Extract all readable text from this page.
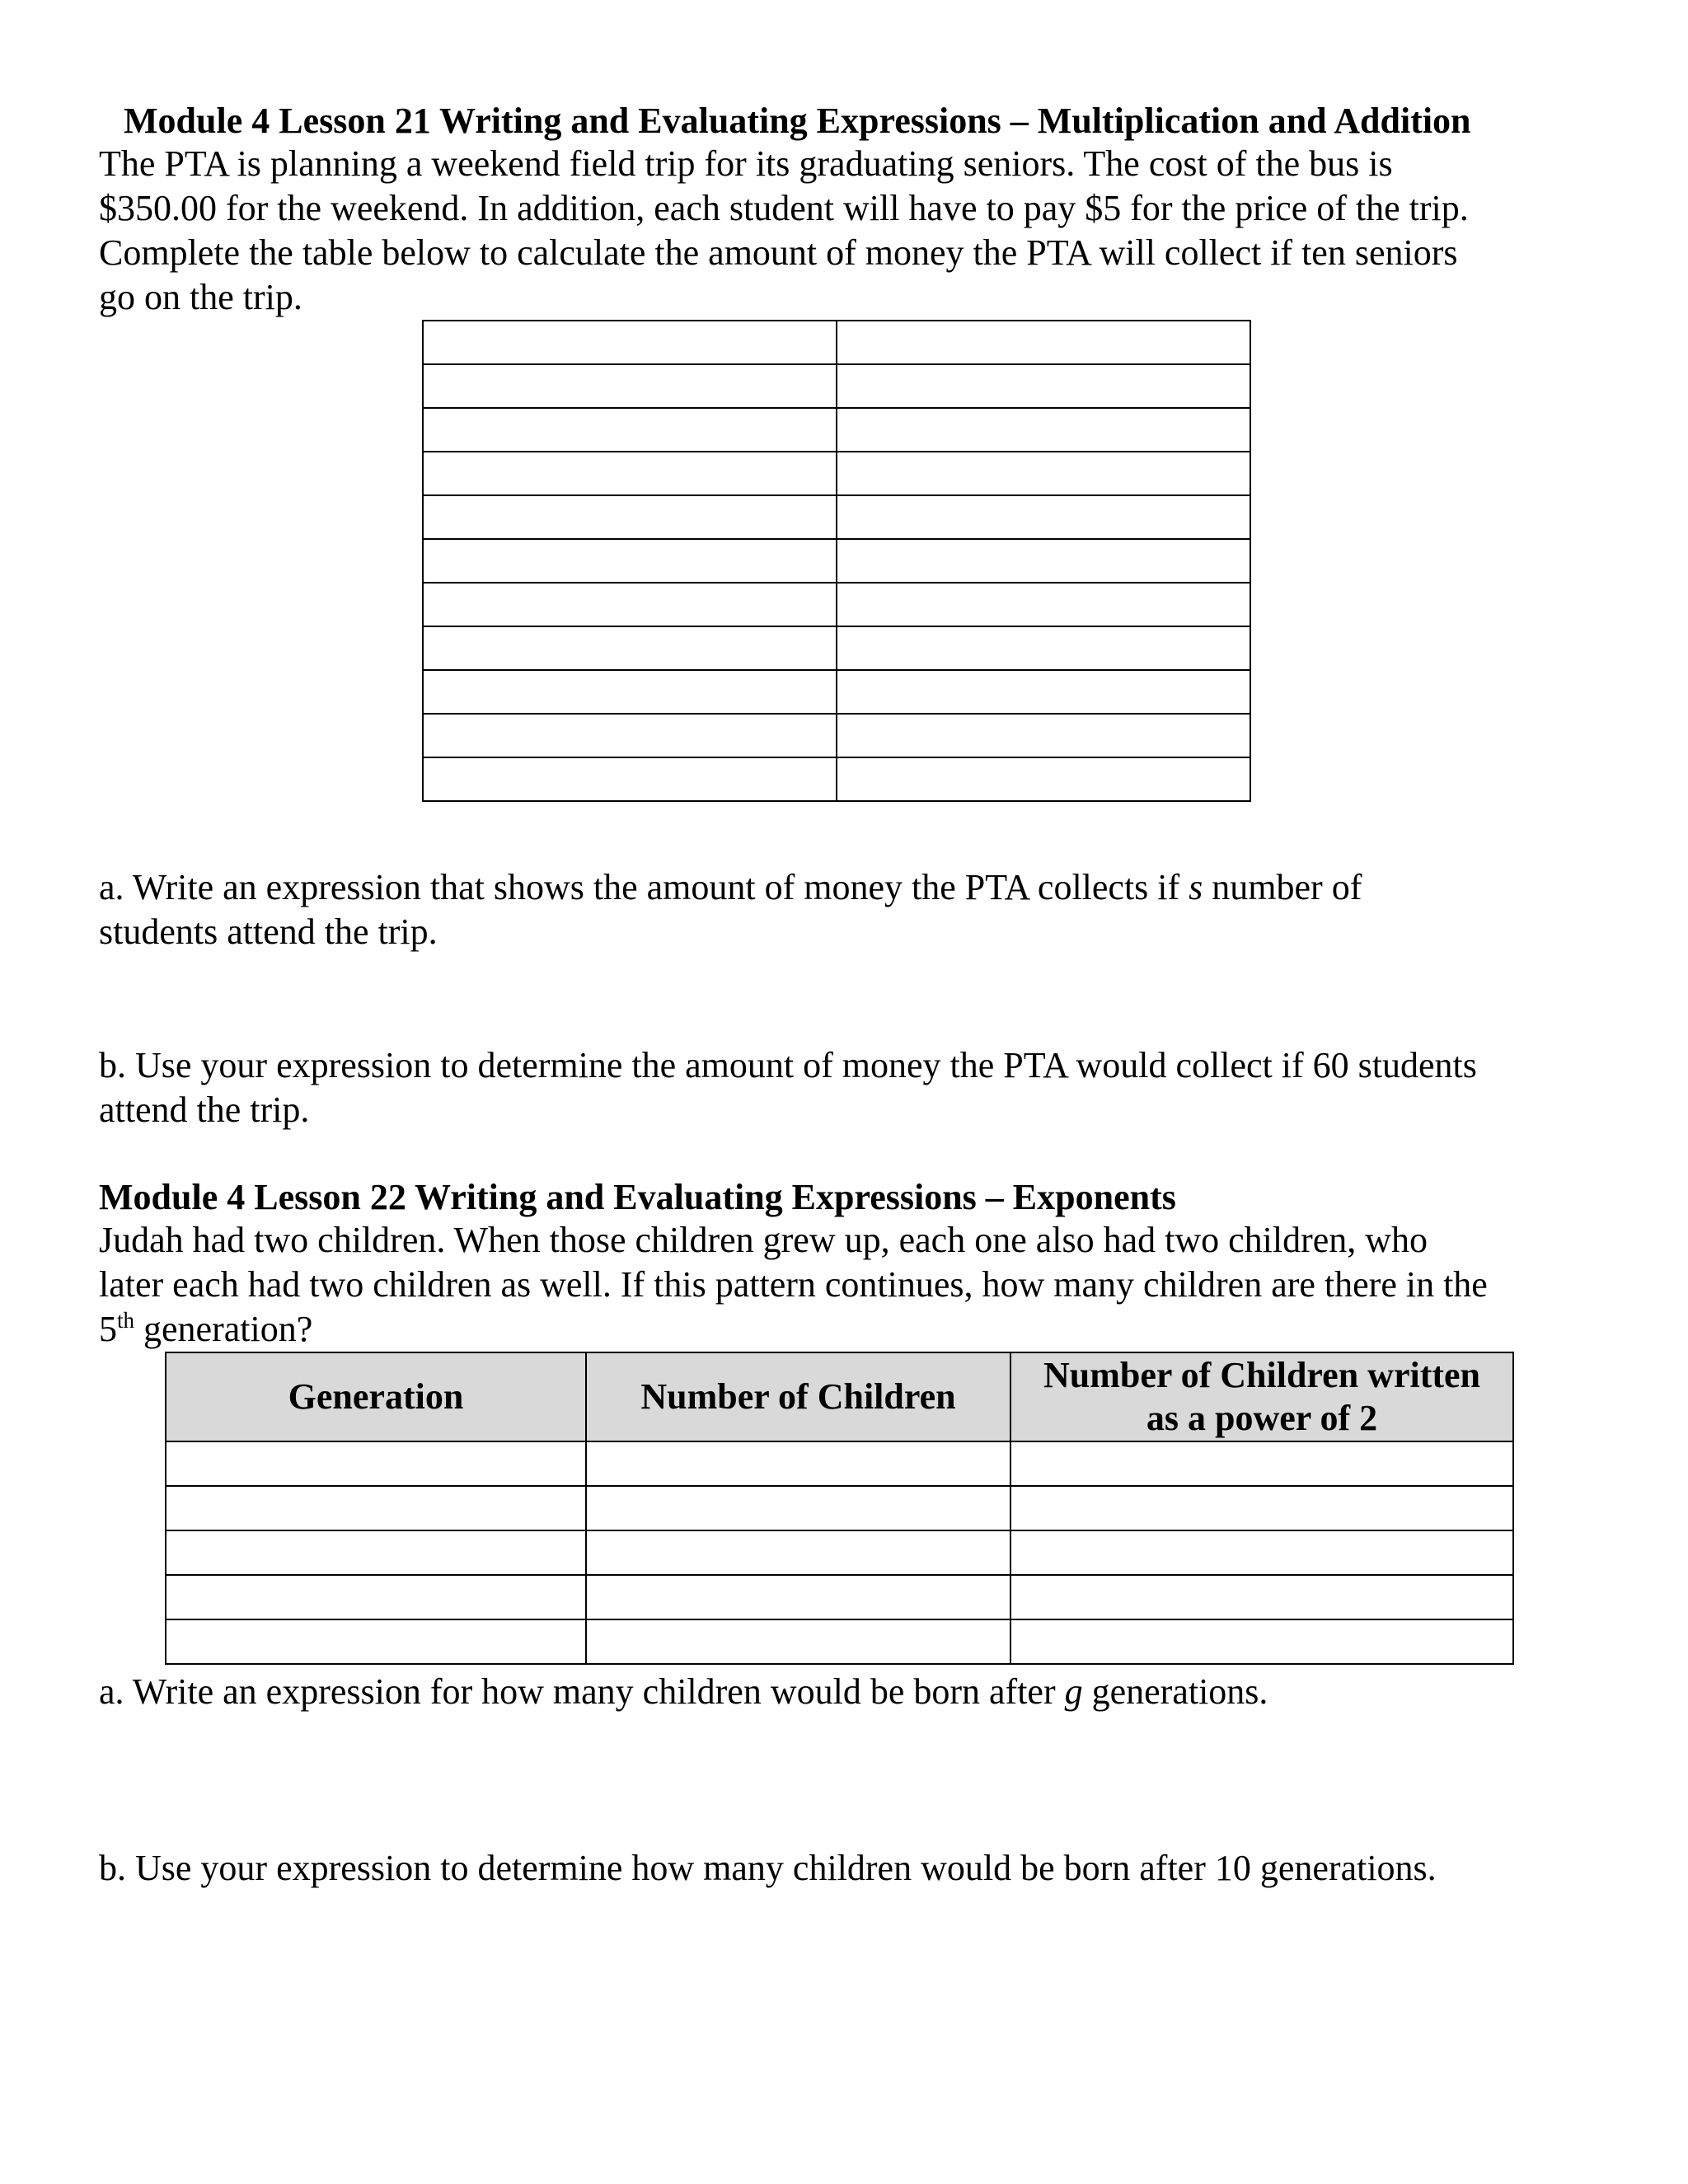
Module 4 Lesson 21 Writing and Evaluating Expressions – Multiplication and Addition
The PTA is planning a weekend field trip for its graduating seniors. The cost of the bus is
$350.00 for the weekend. In addition, each student will have to pay $5 for the price of the trip.
Complete the table below to calculate the amount of money the PTA will collect if ten seniors
go on the trip.

a. Write an expression that shows the amount of money the PTA collects if s number of
students attend the trip.
b. Use your expression to determine the amount of money the PTA would collect if 60 students
attend the trip.
Module 4 Lesson 22 Writing and Evaluating Expressions – Exponents
Judah had two children. When those children grew up, each one also had two children, who
later each had two children as well. If this pattern continues, how many children are there in the
5th generation?
Generation	Number of Children	Number of Children written
as a power of 2

a. Write an expression for how many children would be born after g generations.
b. Use your expression to determine how many children would be born after 10 generations.
